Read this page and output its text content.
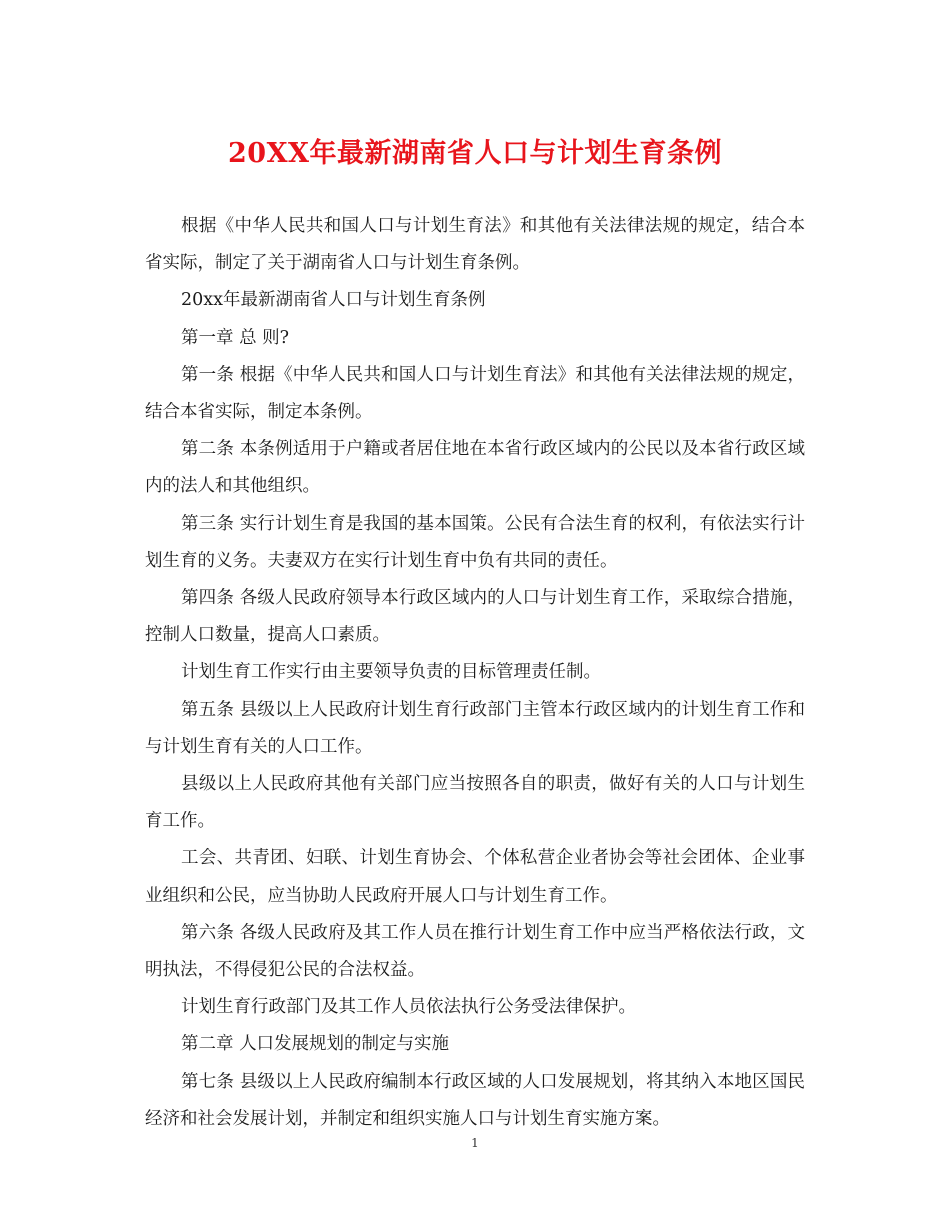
20XX年最新湖南省人口与计划生育条例

根据《中华人民共和国人口与计划生育法》和其他有关法律法规的规定，结合本省实际，制定了关于湖南省人口与计划生育条例。

20xx年最新湖南省人口与计划生育条例

第一章 总 则?

第一条 根据《中华人民共和国人口与计划生育法》和其他有关法律法规的规定，结合本省实际，制定本条例。

第二条 本条例适用于户籍或者居住地在本省行政区域内的公民以及本省行政区域内的法人和其他组织。

第三条 实行计划生育是我国的基本国策。公民有合法生育的权利，有依法实行计划生育的义务。夫妻双方在实行计划生育中负有共同的责任。

第四条 各级人民政府领导本行政区域内的人口与计划生育工作，采取综合措施，控制人口数量，提高人口素质。

计划生育工作实行由主要领导负责的目标管理责任制。

第五条 县级以上人民政府计划生育行政部门主管本行政区域内的计划生育工作和与计划生育有关的人口工作。

县级以上人民政府其他有关部门应当按照各自的职责，做好有关的人口与计划生育工作。

工会、共青团、妇联、计划生育协会、个体私营企业者协会等社会团体、企业事业组织和公民，应当协助人民政府开展人口与计划生育工作。

第六条 各级人民政府及其工作人员在推行计划生育工作中应当严格依法行政，文明执法，不得侵犯公民的合法权益。

计划生育行政部门及其工作人员依法执行公务受法律保护。

第二章 人口发展规划的制定与实施

第七条 县级以上人民政府编制本行政区域的人口发展规划，将其纳入本地区国民经济和社会发展计划，并制定和组织实施人口与计划生育实施方案。

1
